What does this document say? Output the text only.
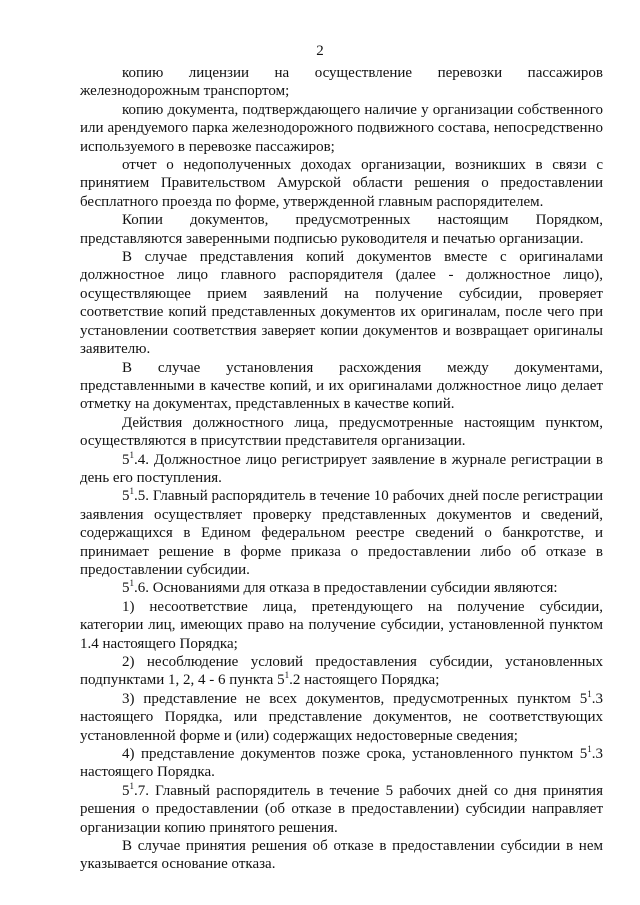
2

копию лицензии на осуществление перевозки пассажиров железнодорожным транспортом;

копию документа, подтверждающего наличие у организации собственного или арендуемого парка железнодорожного подвижного состава, непосредственно используемого в перевозке пассажиров;

отчет о недополученных доходах организации, возникших в связи с принятием Правительством Амурской области решения о предоставлении бесплатного проезда по форме, утвержденной главным распорядителем.

Копии документов, предусмотренных настоящим Порядком, представляются заверенными подписью руководителя и печатью организации.

В случае представления копий документов вместе с оригиналами должностное лицо главного распорядителя (далее - должностное лицо), осуществляющее прием заявлений на получение субсидии, проверяет соответствие копий представленных документов их оригиналам, после чего при установлении соответствия заверяет копии документов и возвращает оригиналы заявителю.

В случае установления расхождения между документами, представленными в качестве копий, и их оригиналами должностное лицо делает отметку на документах, представленных в качестве копий.

Действия должностного лица, предусмотренные настоящим пунктом, осуществляются в присутствии представителя организации.

$5^1.4$. Должностное лицо регистрирует заявление в журнале регистрации в день его поступления.

$5^1.5$. Главный распорядитель в течение 10 рабочих дней после регистрации заявления осуществляет проверку представленных документов и сведений, содержащихся в Едином федеральном реестре сведений о банкротстве, и принимает решение в форме приказа о предоставлении либо об отказе в предоставлении субсидии.

$5^1.6$. Основаниями для отказа в предоставлении субсидии являются:

1) несоответствие лица, претендующего на получение субсидии, категории лиц, имеющих право на получение субсидии, установленной пунктом 1.4 настоящего Порядка;

2) несоблюдение условий предоставления субсидии, установленных подпунктами 1, 2, 4 - 6 пункта $5^1.2$ настоящего Порядка;

3) представление не всех документов, предусмотренных пунктом $5^1.3$ настоящего Порядка, или представление документов, не соответствующих установленной форме и (или) содержащих недостоверные сведения;

4) представление документов позже срока, установленного пунктом $5^1.3$ настоящего Порядка.

$5^1.7$. Главный распорядитель в течение 5 рабочих дней со дня принятия решения о предоставлении (об отказе в предоставлении) субсидии направляет организации копию принятого решения.

В случае принятия решения об отказе в предоставлении субсидии в нем указывается основание отказа.
